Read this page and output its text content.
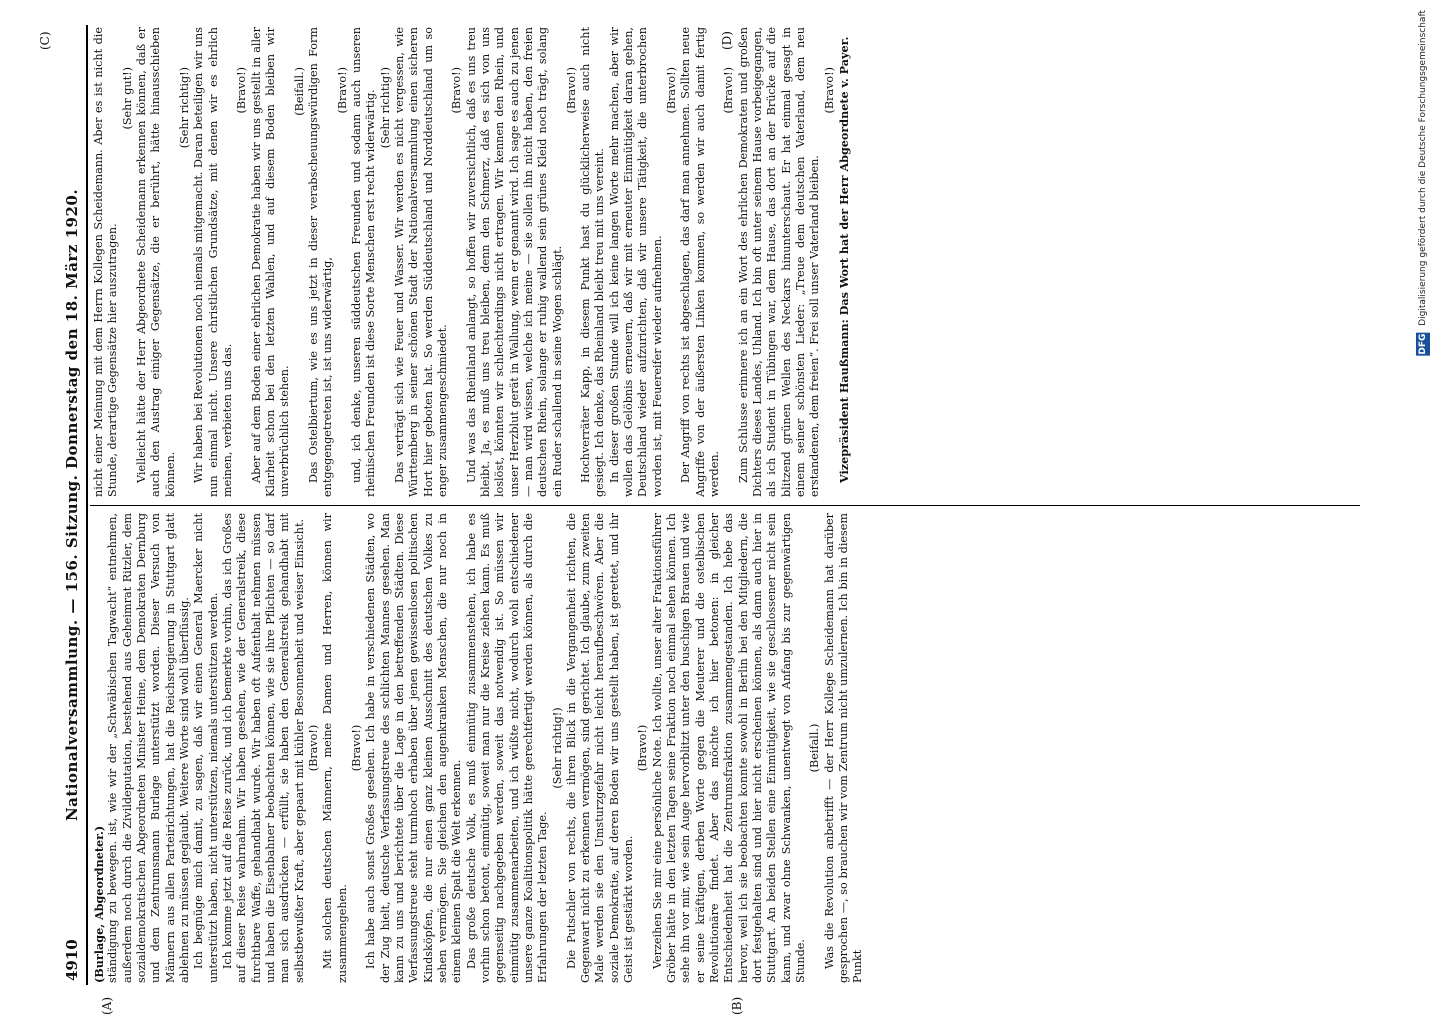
4910
Nationalversammlung. — 156. Sitzung. Donnerstag den 18. März 1920.
(A)	(B)
(C)	(D)

(Burlage, Abgeordneter.) ständigung zu bewegen. ist, wie wir der „Schwäbischen Tagwacht“ entnehmen, außerdem noch durch die Zivildeputation, bestehend aus Geheimrat Ritzler, dem sozialdemokratischen Abgeordneten Minister Heine, dem Demokraten Dernburg und dem Zentrumsmann Burlage unterstützt worden. Dieser Versuch von Männern aus allen Parteirichtungen, hat die Reichsregierung in Stuttgart glatt ablehnen zu müssen geglaubt. Weitere Worte sind wohl überflüssig. Ich begnüge mich damit, zu sagen, daß wir einen General Maercker nicht unterstützt haben, nicht unterstützen, niemals unterstützen werden. Ich komme jetzt auf die Reise zurück, und ich bemerkte vorhin, das ich Großes auf dieser Reise wahrnahm. Wir haben gesehen, wie der Generalstreik, diese furchtbare Waffe, gehandhabt wurde. Wir haben oft Aufenthalt nehmen müssen und haben die Eisenbahner beobachten können, wie sie ihre Pflichten — so darf man sich ausdrücken — erfüllt, sie haben den Generalstreik gehandhabt mit selbstbewußter Kraft, aber gepaart mit kühler Besonnenheit und weiser Einsicht. (Bravo!) Mit solchen deutschen Männern, meine Damen und Herren, können wir zusammengehen.

(Bravo!) Ich habe auch sonst Großes gesehen. Ich habe in verschiedenen Städten, wo der Zug hielt, deutsche Verfassungstreue des schlichten Mannes gesehen. Man kann zu uns und berichtete über die Lage in den betreffenden Städten. Diese Verfassungstreue steht turmhoch erhaben über jenen gewissenlosen politischen Kindsköpfen, die nur einen ganz kleinen Ausschnitt des deutschen Volkes zu sehen vermögen. Sie gleichen den augenkranken Menschen, die nur noch in einem kleinen Spalt die Welt erkennen. Das große deutsche Volk, es muß einmütig zusammenstehen, ich habe es vorhin schon betont, einmütig, soweit man nur die Kreise ziehen kann. Es muß gegenseitig nachgegeben werden, soweit das notwendig ist. So müssen wir einmütig zusammenarbeiten, und ich wüßte nicht, wodurch wohl entschiedener unsere ganze Koalitionspolitik hätte gerechtfertigt werden können, als durch die Erfahrungen der letzten Tage.

(Sehr richtig!) Die Putschler von rechts, die ihren Blick in die Vergangenheit richten, die Gegenwart nicht zu erkennen vermögen, sind gerichtet. Ich glaube, zum zweiten Male werden sie den Umsturzgefahr nicht leicht heraufbeschwören. Aber die soziale Demokratie, auf deren Boden wir uns gestellt haben, ist gerettet, und ihr Geist ist gestärkt worden.

(Bravo!) Verzeihen Sie mir eine persönliche Note. Ich wollte, unser alter Fraktionsführer Gröber hätte in den letzten Tagen seine Fraktion noch einmal sehen können. Ich sehe ihn vor mir, wie sein Auge hervorblitzt unter den buschigen Brauen und wie er seine kräftigen, derben Worte gegen die Meuterer und die ostelbischen Revolutionäre findet. Aber das möchte ich hier betonen: in gleicher Entschiedenheit hat die Zentrumsfraktion zusammengestanden. Ich hebe das hervor, weil ich sie beobachten konnte sowohl in Berlin bei den Mitgliedern, die dort festgehalten sind und hier nicht erscheinen können, als dann auch hier in Stuttgart. An beiden Stellen eine Einmütigkeit, wie sie geschlossener nicht sein kann, und zwar ohne Schwanken, unentwegt von Anfang bis zur gegenwärtigen Stunde.

(Beifall.) Was die Revolution anbetrifft — der Herr Kollege Scheidemann hat darüber gesprochen —, so brauchen wir vom Zentrum nicht umzulernen. Ich bin in diesem Punkt

nicht einer Meinung mit dem Herrn Kollegen Scheidemann. Aber es ist nicht die Stunde, derartige Gegensätze hier auszutragen.

(Sehr gut!) Vielleicht hätte der Herr Abgeordnete Scheidemann erkennen können, daß er auch den Austrag einiger Gegensätze, die er berührt, hätte hinausschieben können.

(Sehr richtig!) Wir haben bei Revolutionen noch niemals mitgemacht. Daran beteiligen wir uns nun einmal nicht. Unsere christlichen Grundsätze, mit denen wir es ehrlich meinen, verbieten uns das.

(Bravo!) Aber auf dem Boden einer ehrlichen Demokratie haben wir uns gestellt in aller Klarheit schon bei den letzten Wahlen, und auf diesem Boden bleiben wir unverbrüchlich stehen.

(Beifall.) Das Ostelbiertum, wie es uns jetzt in dieser verabscheuungswürdigen Form entgegengetreten ist, ist uns widerwärtig,

(Bravo!) und, ich denke, unseren süddeutschen Freunden und sodann auch unseren rheinischen Freunden ist diese Sorte Menschen erst recht widerwärtig. (Sehr richtig!) Das verträgt sich wie Feuer und Wasser. Wir werden es nicht vergessen, wie Württemberg in seiner schönen Stadt der Nationalversammlung einen sicheren Hort hier geboten hat. So werden Süddeutschland und Norddeutschland um so enger zusammengeschmiedet.

(Bravo!) Und was das Rheinland anlangt, so hoffen wir zuversichtlich, daß es uns treu bleibt. Ja, es muß uns treu bleiben, denn den Schmerz, daß es sich von uns loslöst, könnten wir schlechterdings nicht ertragen. Wir kennen den Rhein, und unser Herzblut gerät in Wallung, wenn er genannt wird. Ich sage es auch zu jenen — man wird wissen, welche ich meine — sie sollen ihn nicht haben, den freien deutschen Rhein, solange er ruhig wallend sein grünes Kleid noch trägt, solang ein Ruder schallend in seine Wogen schlägt.

(Bravo!) Hochverräter Kapp, in diesem Punkt hast du glücklicherweise auch nicht gesiegt. Ich denke, das Rheinland bleibt treu mit uns vereint. In dieser großen Stunde will ich keine langen Worte mehr machen, aber wir wollen das Gelöbnis erneuern, daß wir mit erneuter Einmütigkeit daran gehen, Deutschland wieder aufzurichten, daß wir unsere Tätigkeit, die unterbrochen worden ist, mit Feuereifer wieder aufnehmen.

(Bravo!) Der Angriff von rechts ist abgeschlagen, das darf man annehmen. Sollten neue Angriffe von der äußersten Linken kommen, so werden wir auch damit fertig werden.

(Bravo!) Zum Schlusse erinnere ich an ein Wort des ehrlichen Demokraten und großen Dichters dieses Landes, Uhland. Ich bin oft unter seinem Hause vorbeigegangen, als ich Student in Tübingen war, dem Hause, das dort an der Brücke auf die blitzend grünen Wellen des Neckars hinunterschaut. Er hat einmal gesagt in einem seiner schönsten Lieder: „Treue dem deutschen Vaterland, dem neu erstandenen, dem freien“. Frei soll unser Vaterland bleiben.

(Bravo!) Vizepräsident Haußmann: Das Wort hat der Herr Abgeordnete v. Payer.	DFG Digitalisierung gefördert durch die Deutsche Forschungsgemeinschaft
